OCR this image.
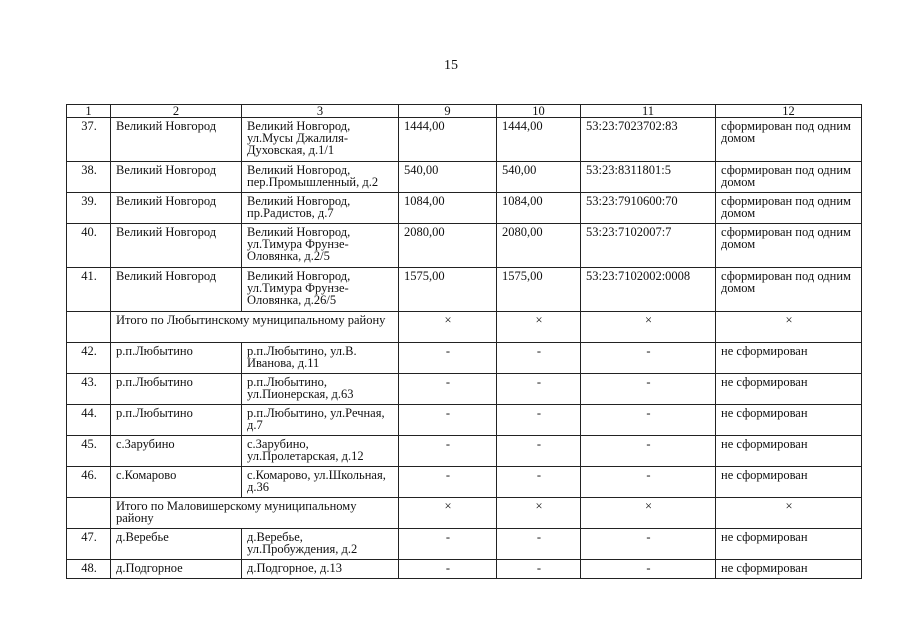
15
1	2	3	9	10	11	12
37.	Великий Новгород	Великий Новгород, ул.Мусы Джалиля-Духовская, д.1/1	1444,00	1444,00	53:23:7023702:83	сформирован под одним домом
38.	Великий Новгород	Великий Новгород, пер.Промышленный, д.2	540,00	540,00	53:23:8311801:5	сформирован под одним домом
39.	Великий Новгород	Великий Новгород, пр.Радистов, д.7	1084,00	1084,00	53:23:7910600:70	сформирован под одним домом
40.	Великий Новгород	Великий Новгород, ул.Тимура Фрунзе-Оловянка, д.2/5	2080,00	2080,00	53:23:7102007:7	сформирован под одним домом
41.	Великий Новгород	Великий Новгород, ул.Тимура Фрунзе-Оловянка, д.26/5	1575,00	1575,00	53:23:7102002:0008	сформирован под одним домом
	Итого по Любытинскому муниципальному району		×	×	×	×
42.	р.п.Любытино	р.п.Любытино, ул.В. Иванова, д.11	-	-	-	не сформирован
43.	р.п.Любытино	р.п.Любытино, ул.Пионерская, д.63	-	-	-	не сформирован
44.	р.п.Любытино	р.п.Любытино, ул.Речная, д.7	-	-	-	не сформирован
45.	с.Зарубино	с.Зарубино, ул.Пролетарская, д.12	-	-	-	не сформирован
46.	с.Комарово	с.Комарово, ул.Школьная, д.36	-	-	-	не сформирован
	Итого по Маловишерскому муниципальному району		×	×	×	×
47.	д.Веребье	д.Веребье, ул.Пробуждения, д.2	-	-	-	не сформирован
48.	д.Подгорное	д.Подгорное, д.13	-	-	-	не сформирован
